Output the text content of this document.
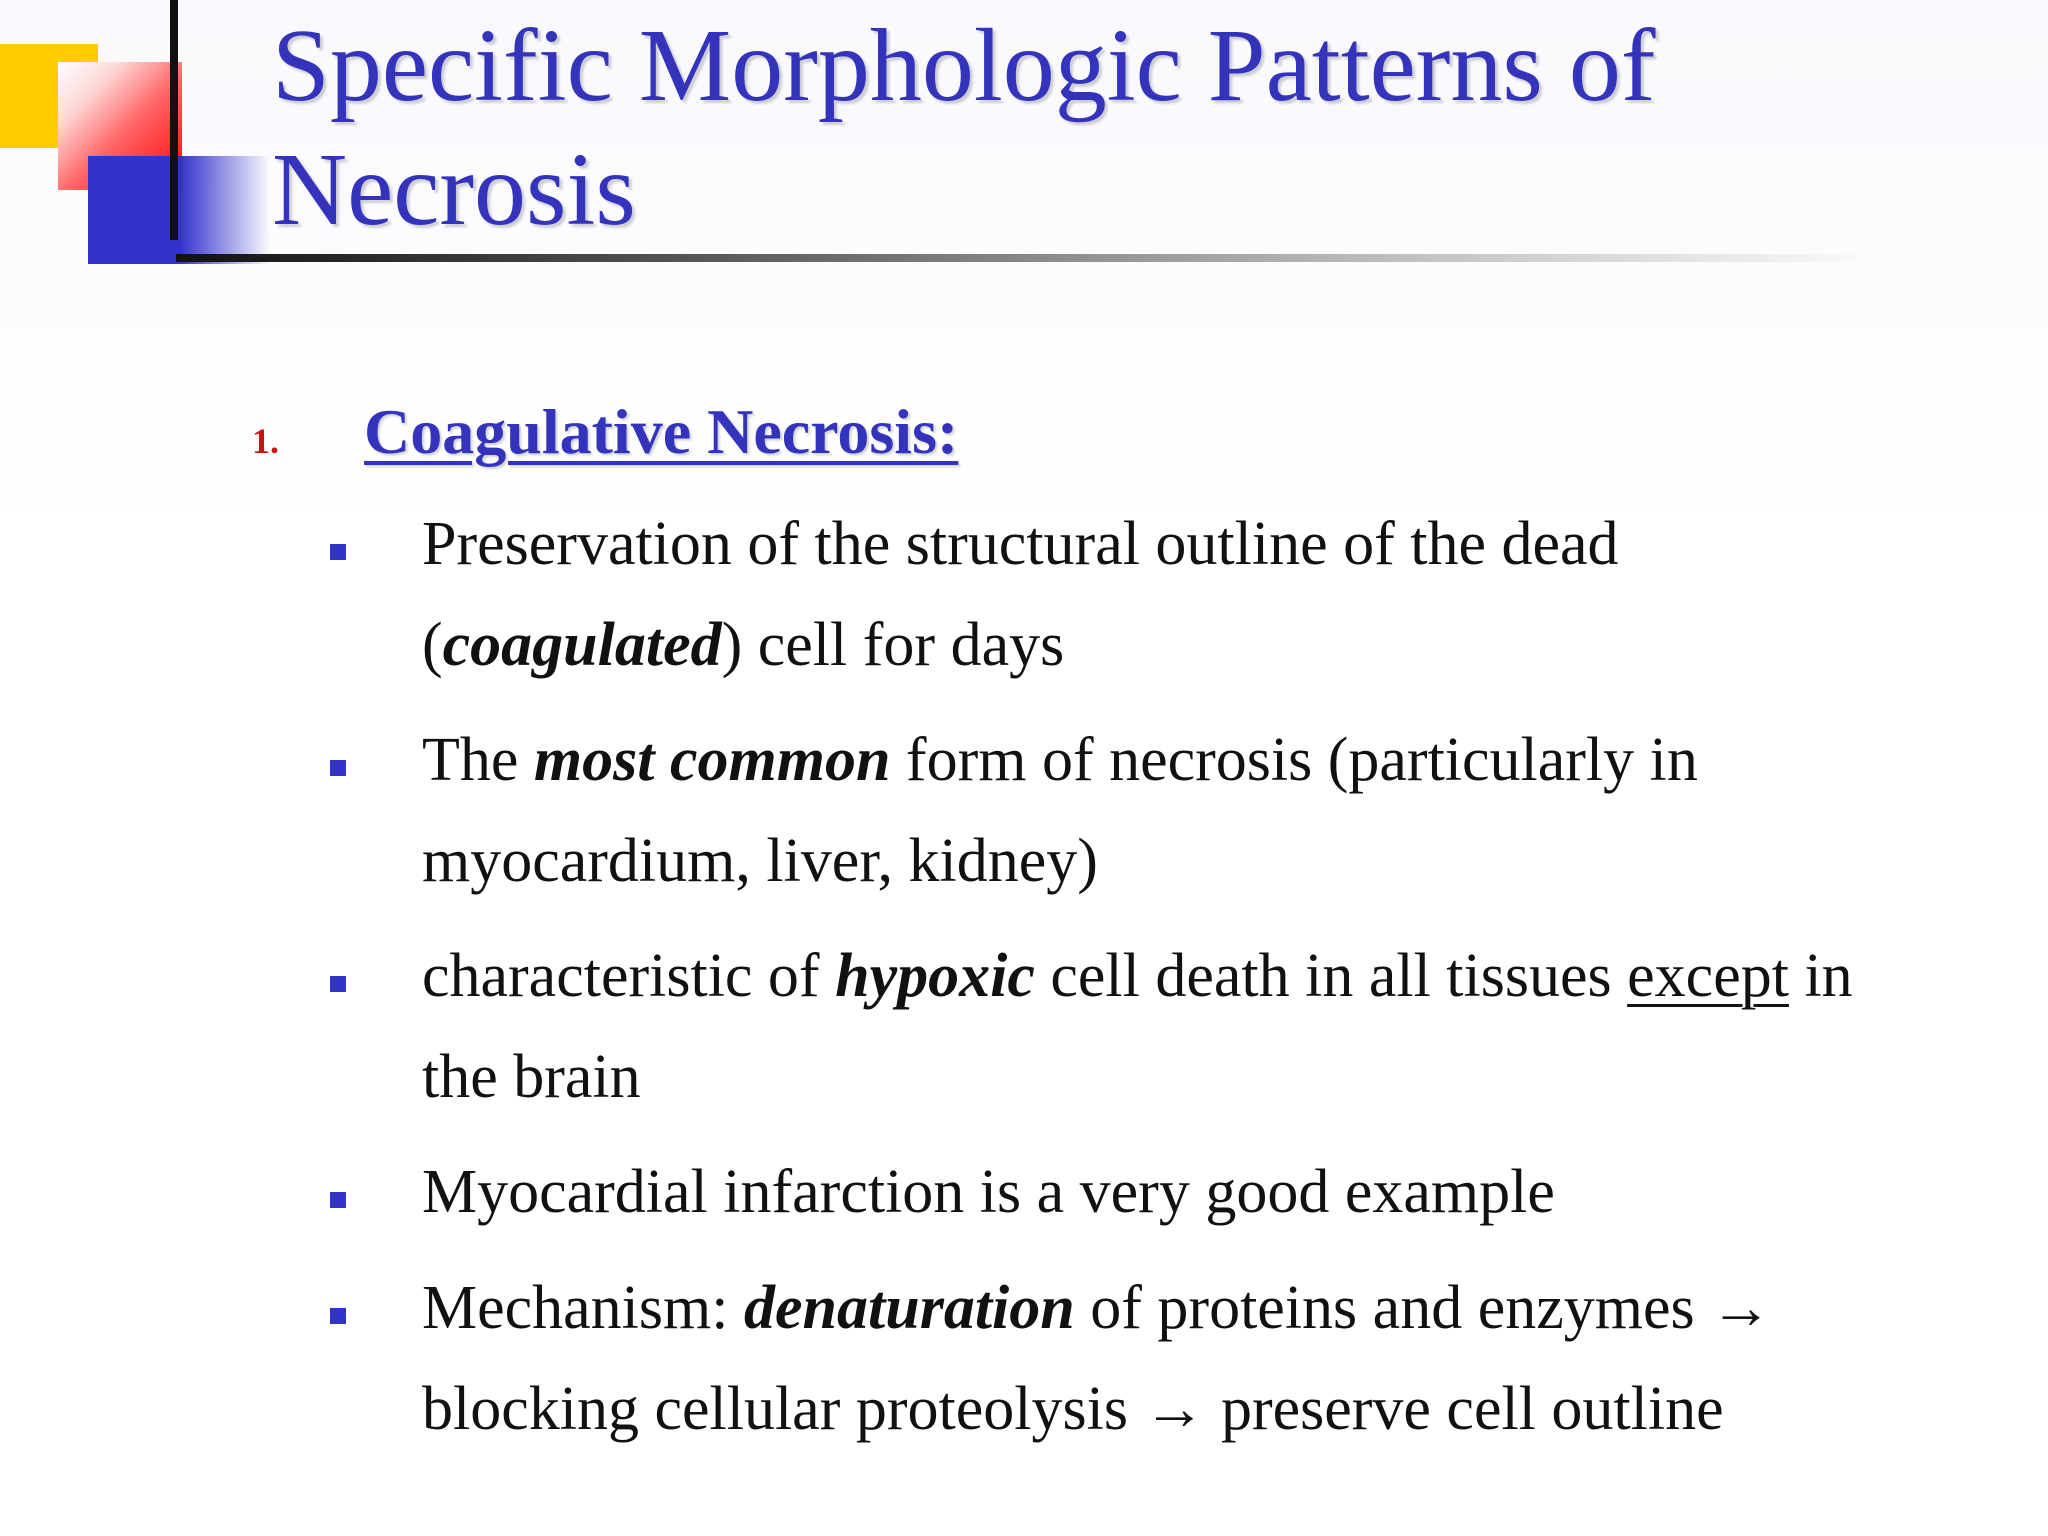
Specific Morphologic Patterns of
Necrosis
1. Coagulative Necrosis:
Preservation of the structural outline of the dead
(coagulated) cell for days
The most common form of necrosis (particularly in
myocardium, liver, kidney)
characteristic of hypoxic cell death in all tissues except in
the brain
Myocardial infarction is a very good example
Mechanism: denaturation of proteins and enzymes →
blocking cellular proteolysis → preserve cell outline
